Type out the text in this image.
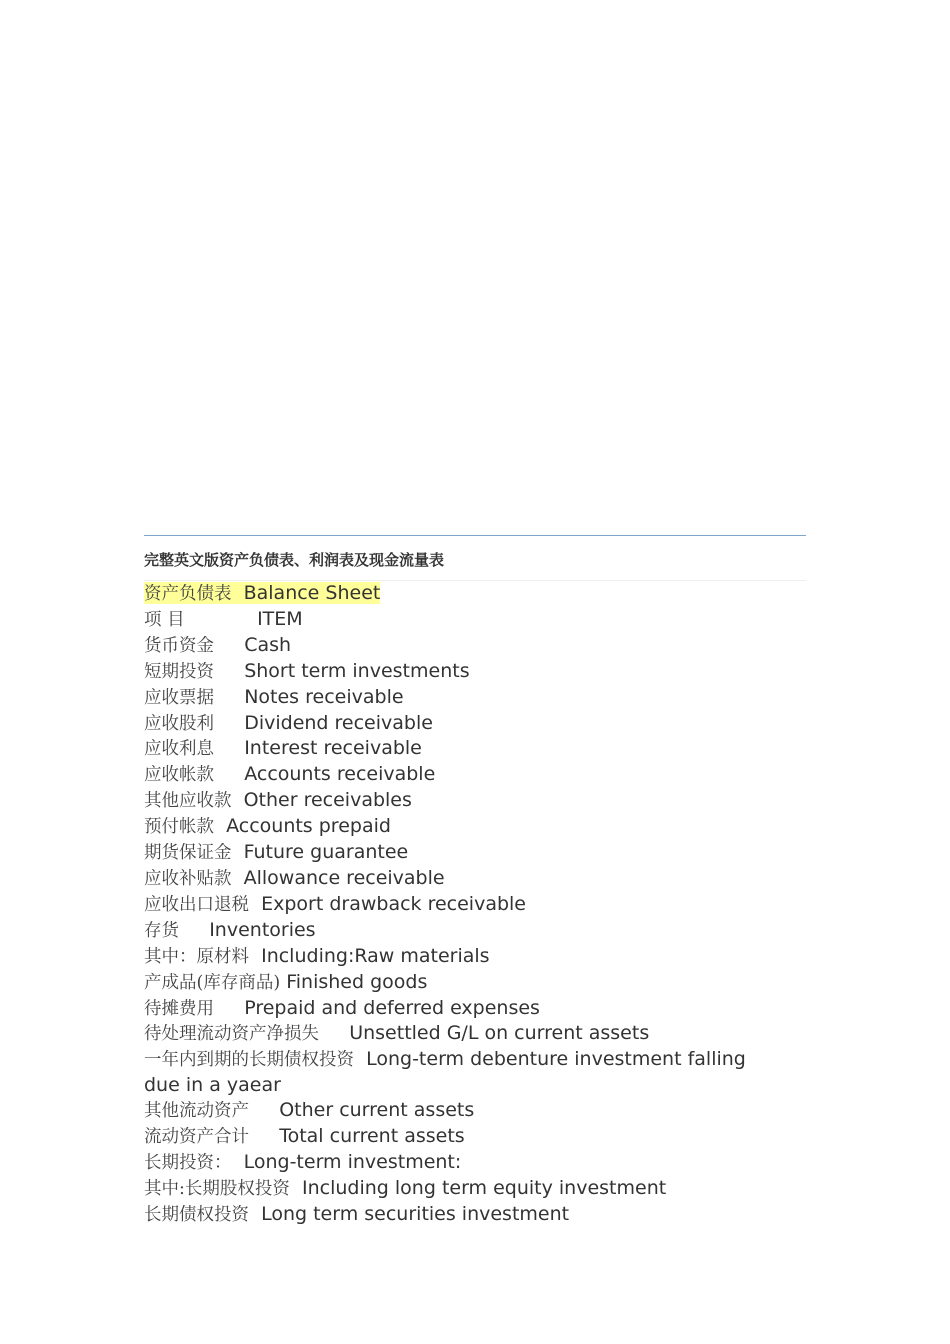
完整英文版资产负债表、利润表及现金流量表
资产负债表 Balance Sheet
项 目	ITEM
货币资金 Cash
短期投资 Short term investments
应收票据 Notes receivable
应收股利 Dividend receivable
应收利息 Interest receivable
应收帐款 Accounts receivable
其他应收款 Other receivables
预付帐款 Accounts prepaid
期货保证金 Future guarantee
应收补贴款 Allowance receivable
应收出口退税 Export drawback receivable
存货 Inventories
其中：原材料 Including:Raw materials
产成品(库存商品) Finished goods
待摊费用 Prepaid and deferred expenses
待处理流动资产净损失 Unsettled G/L on current assets
一年内到期的长期债权投资 Long-term debenture investment falling due in a yaear
其他流动资产 Other current assets
流动资产合计 Total current assets
长期投资： Long-term investment:
其中:长期股权投资 Including long term equity investment
长期债权投资 Long term securities investment
